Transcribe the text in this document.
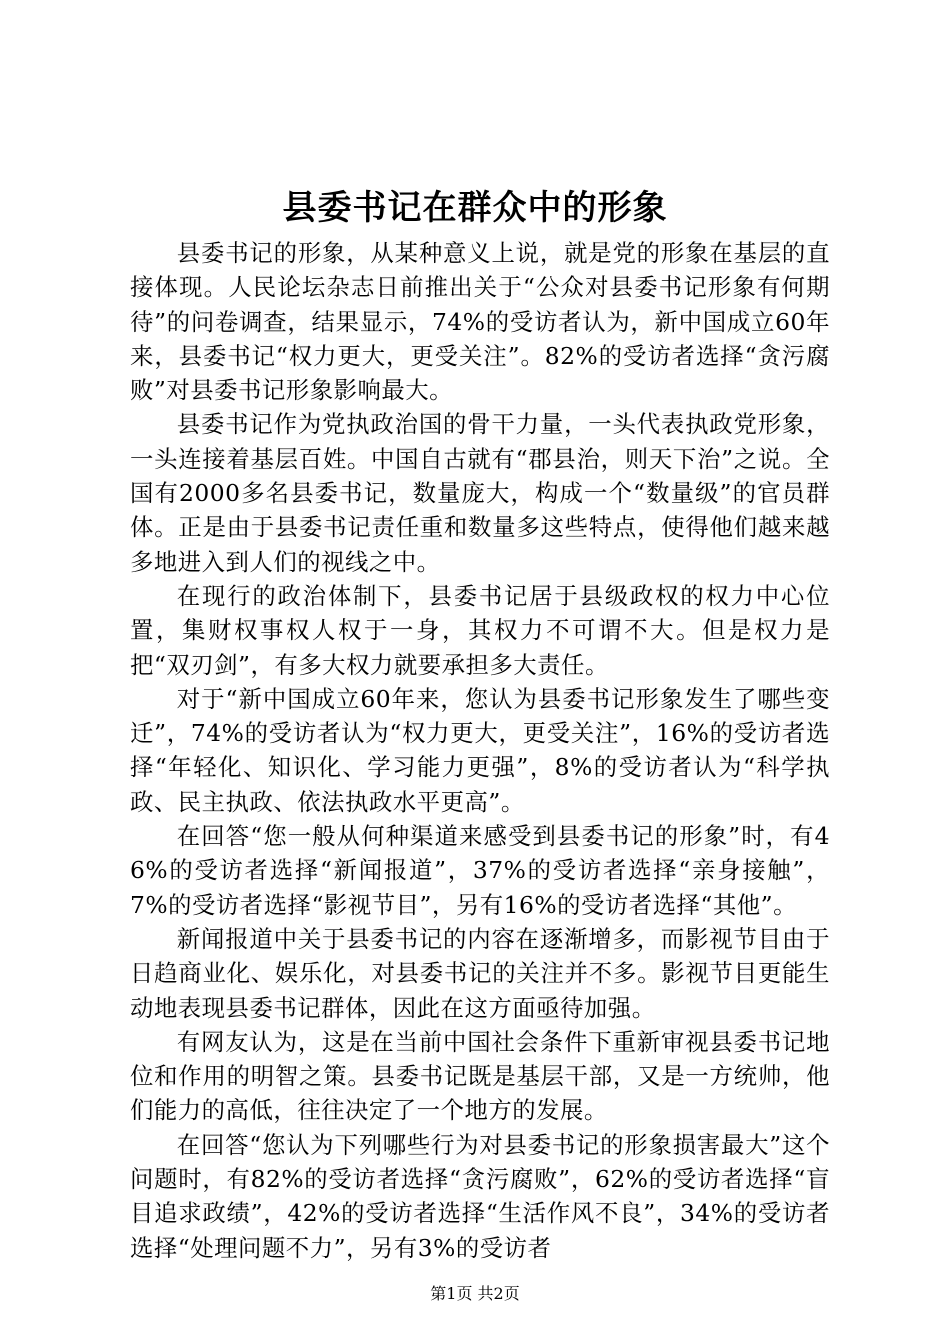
县委书记在群众中的形象

县委书记的形象，从某种意义上说，就是党的形象在基层的直接体现。人民论坛杂志日前推出关于“公众对县委书记形象有何期待”的问卷调查，结果显示，74%的受访者认为，新中国成立60年来，县委书记“权力更大，更受关注”。82%的受访者选择“贪污腐败”对县委书记形象影响最大。

县委书记作为党执政治国的骨干力量，一头代表执政党形象，一头连接着基层百姓。中国自古就有“郡县治，则天下治”之说。全国有2000多名县委书记，数量庞大，构成一个“数量级”的官员群体。正是由于县委书记责任重和数量多这些特点，使得他们越来越多地进入到人们的视线之中。

在现行的政治体制下，县委书记居于县级政权的权力中心位置，集财权事权人权于一身，其权力不可谓不大。但是权力是把“双刃剑”，有多大权力就要承担多大责任。

对于“新中国成立60年来，您认为县委书记形象发生了哪些变迁”，74%的受访者认为“权力更大，更受关注”，16%的受访者选择“年轻化、知识化、学习能力更强”，8%的受访者认为“科学执政、民主执政、依法执政水平更高”。

在回答“您一般从何种渠道来感受到县委书记的形象”时，有46%的受访者选择“新闻报道”，37%的受访者选择“亲身接触”，7%的受访者选择“影视节目”，另有16%的受访者选择“其他”。

新闻报道中关于县委书记的内容在逐渐增多，而影视节目由于日趋商业化、娱乐化，对县委书记的关注并不多。影视节目更能生动地表现县委书记群体，因此在这方面亟待加强。

有网友认为，这是在当前中国社会条件下重新审视县委书记地位和作用的明智之策。县委书记既是基层干部，又是一方统帅，他们能力的高低，往往决定了一个地方的发展。

在回答“您认为下列哪些行为对县委书记的形象损害最大”这个问题时，有82%的受访者选择“贪污腐败”，62%的受访者选择“盲目追求政绩”，42%的受访者选择“生活作风不良”，34%的受访者选择“处理问题不力”，另有3%的受访者

第1页 共2页
